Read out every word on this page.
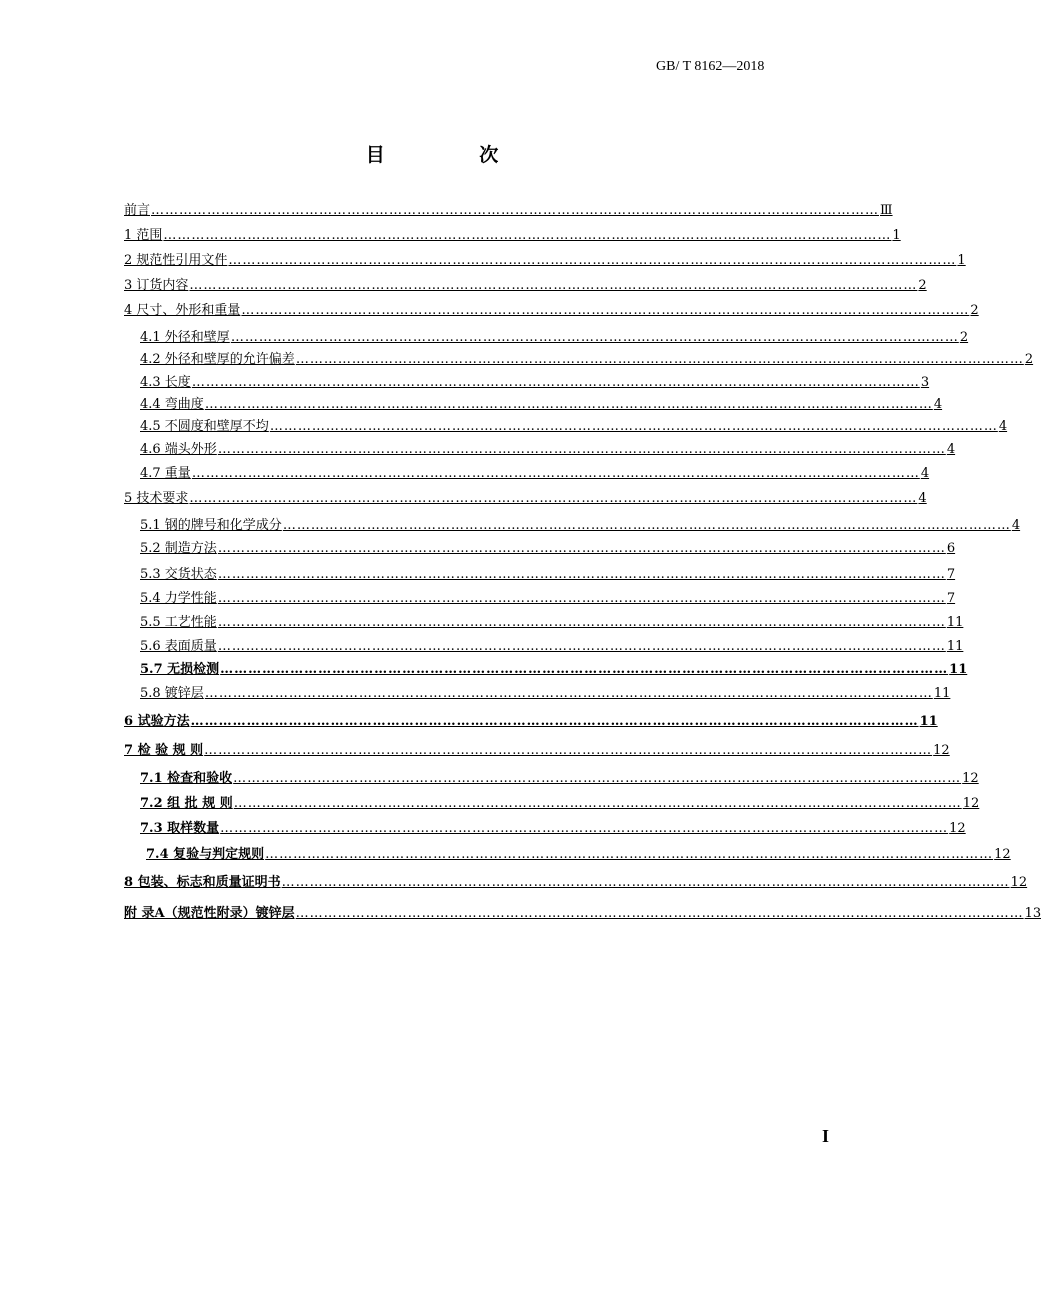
GB/ T 8162—2018
目 次
前言 ………………………………………………………………………………………………………………………………………… Ⅲ
1 范围 ………………………………………………………………………………………………………………………………………… 1
2 规范性引用文件 ………………………………………………………………………………………………………………………………………… 1
3 订货内容 ………………………………………………………………………………………………………………………………………… 2
4 尺寸、外形和重量 ………………………………………………………………………………………………………………………………………… 2
4.1 外径和壁厚 ………………………………………………………………………………………………………………………………………… 2
4.2 外径和壁厚的允许偏差 ………………………………………………………………………………………………………………………………………… 2
4.3 长度 ………………………………………………………………………………………………………………………………………… 3
4.4 弯曲度 ………………………………………………………………………………………………………………………………………… 4
4.5 不圆度和壁厚不均 ………………………………………………………………………………………………………………………………………… 4
4.6 端头外形 ………………………………………………………………………………………………………………………………………… 4
4.7 重量 ………………………………………………………………………………………………………………………………………… 4
5 技术要求 ………………………………………………………………………………………………………………………………………… 4
5.1 钢的牌号和化学成分 ………………………………………………………………………………………………………………………………………… 4
5.2 制造方法 ………………………………………………………………………………………………………………………………………… 6
5.3 交货状态 ………………………………………………………………………………………………………………………………………… 7
5.4 力学性能 ………………………………………………………………………………………………………………………………………… 7
5.5 工艺性能 ………………………………………………………………………………………………………………………………………… 11
5.6 表面质量 ………………………………………………………………………………………………………………………………………… 11
5.7 无损检测 ………………………………………………………………………………………………………………………………………… 11
5.8 镀锌层 ………………………………………………………………………………………………………………………………………… 11
6 试验方法 ………………………………………………………………………………………………………………………………………… 11
7 检 验 规 则 ………………………………………………………………………………………………………………………………………… 12
7.1 检查和验收 ………………………………………………………………………………………………………………………………………… 12
7.2 组 批 规 则 ………………………………………………………………………………………………………………………………………… 12
7.3 取样数量 ………………………………………………………………………………………………………………………………………… 12
7.4 复验与判定规则 ………………………………………………………………………………………………………………………………………… 12
8 包装、标志和质量证明书 ………………………………………………………………………………………………………………………………………… 12
附 录A（规范性附录）镀锌层 ………………………………………………………………………………………………………………………………………… 13
I
